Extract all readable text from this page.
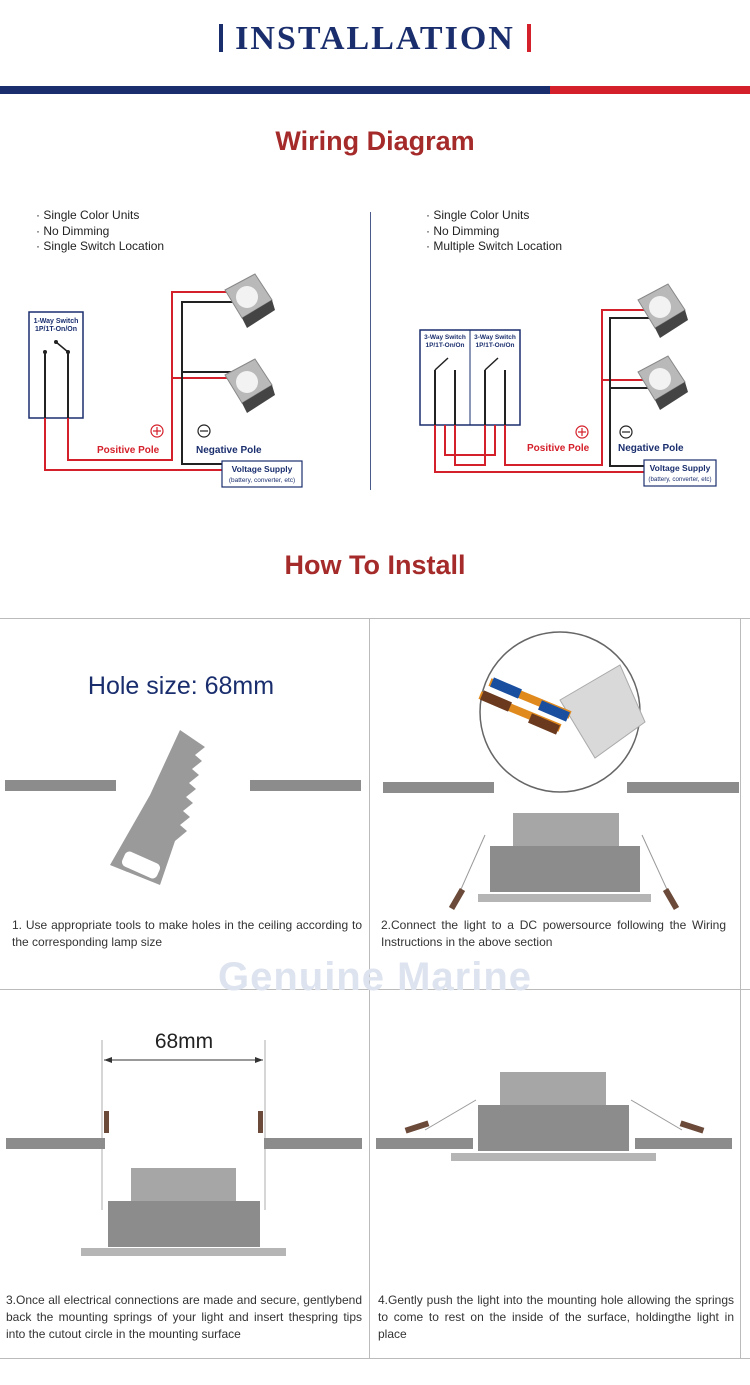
INSTALLATION
Wiring Diagram
· Single Color Units
· No Dimming
· Single Switch Location
· Single Color Units
· No Dimming
· Multiple Switch Location
1-Way Switch
1P/1T-On/On
Positive Pole	Negative Pole
Voltage Supply
(battery, converter, etc)
3-Way Switch
1P/1T-On/On
3-Way Switch
1P/1T-On/On
Positive Pole	Negative Pole
Voltage Supply
(battery, converter, etc)
How To Install
Genuine Marine
Hole size: 68mm
1. Use appropriate tools to make holes in the ceiling according to the corresponding lamp size
2.Connect the light to a DC powersource following the Wiring Instructions in the above section
68mm
3.Once all electrical connections are made and secure, gentlybend back the mounting springs of your light and insert thespring tips into the cutout circle in the mounting surface
4.Gently push the light into the mounting hole allowing the springs to come to rest on the inside of the surface, holdingthe light in place
